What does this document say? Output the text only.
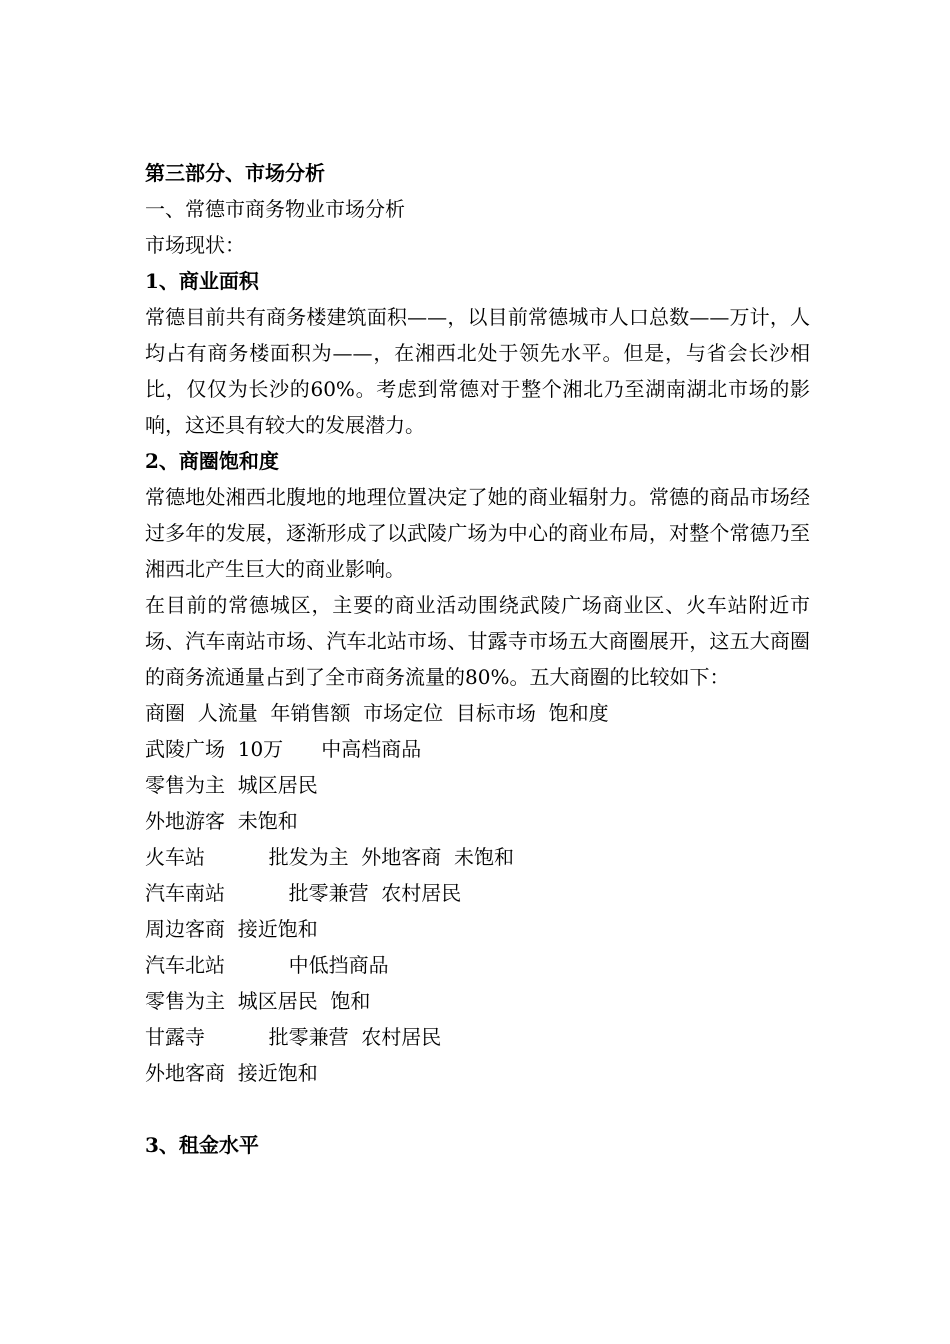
第三部分、市场分析
一、常德市商务物业市场分析
市场现状：
1、商业面积
常德目前共有商务楼建筑面积——，以目前常德城市人口总数——万计，人均占有商务楼面积为——，在湘西北处于领先水平。但是，与省会长沙相比，仅仅为长沙的60%。考虑到常德对于整个湘北乃至湖南湖北市场的影响，这还具有较大的发展潜力。
2、商圈饱和度
常德地处湘西北腹地的地理位置决定了她的商业辐射力。常德的商品市场经过多年的发展，逐渐形成了以武陵广场为中心的商业布局，对整个常德乃至湘西北产生巨大的商业影响。
在目前的常德城区，主要的商业活动围绕武陵广场商业区、火车站附近市场、汽车南站市场、汽车北站市场、甘露寺市场五大商圈展开，这五大商圈的商务流通量占到了全市商务流量的80%。五大商圈的比较如下：
商圈  人流量  年销售额  市场定位  目标市场  饱和度
武陵广场  10万      中高档商品
零售为主  城区居民
外地游客  未饱和
火车站          批发为主  外地客商  未饱和
汽车南站          批零兼营  农村居民
周边客商  接近饱和
汽车北站          中低挡商品
零售为主  城区居民  饱和
甘露寺          批零兼营  农村居民
外地客商  接近饱和
3、租金水平
